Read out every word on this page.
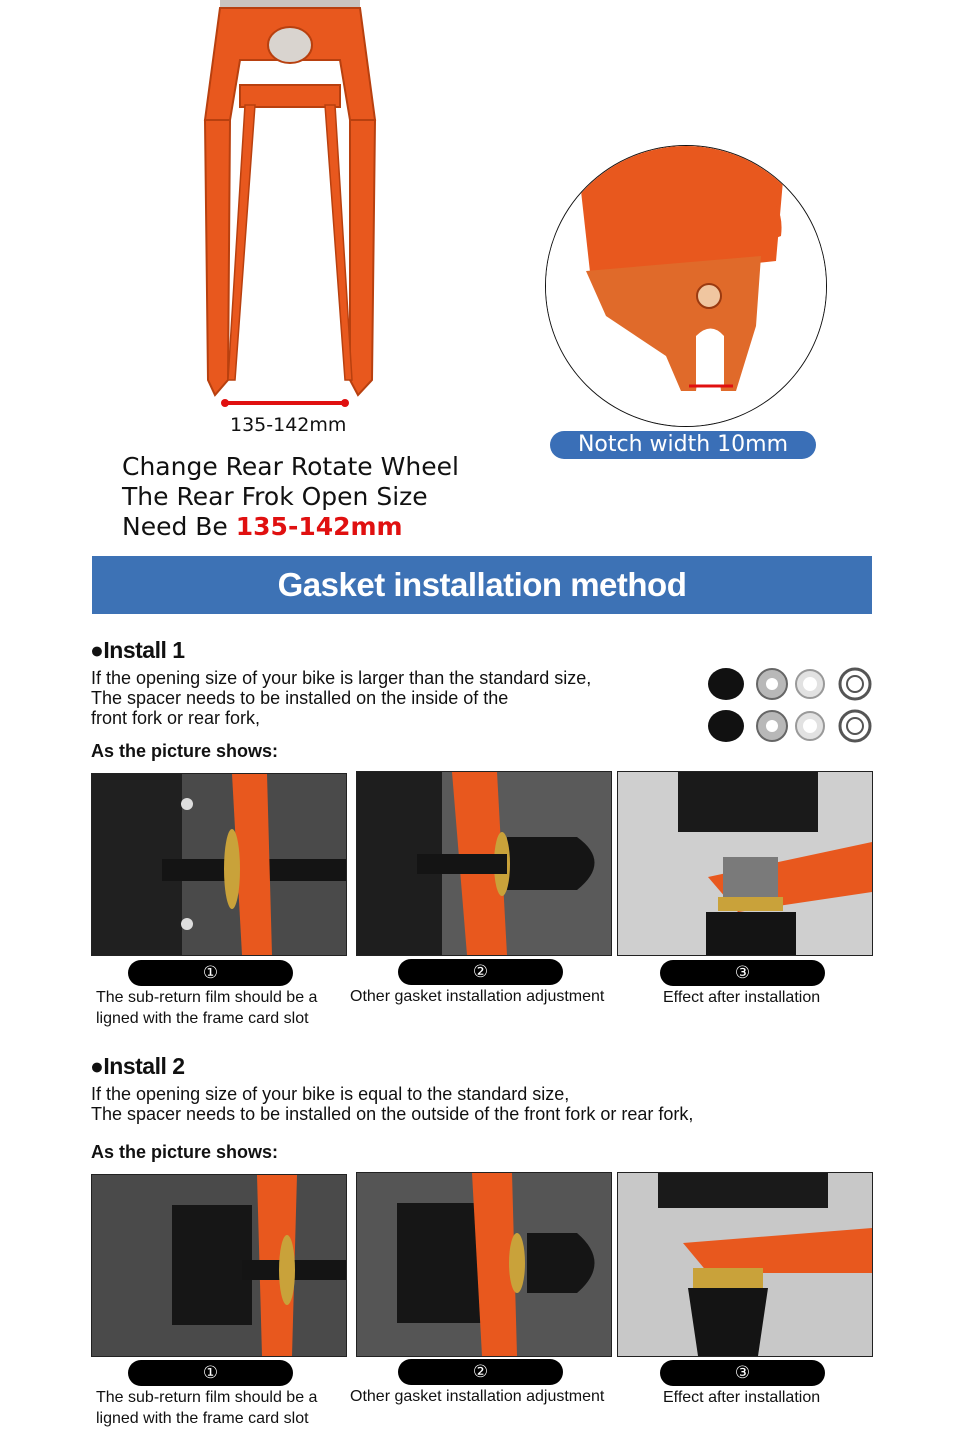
135-142mm
Notch width 10mm
Change Rear Rotate Wheel
The Rear Frok Open Size
Need Be 135-142mm
Gasket installation method
●Install 1
If the opening size of your bike is larger than the standard size,
The spacer needs to be installed on the inside of the
front fork or rear fork,
As the picture shows:
①	②	③
The sub-return film should be a
ligned with the frame card slot
Other gasket installation adjustment	Effect after installation
●Install 2
If the opening size of your bike is equal to the standard size,
The spacer needs to be installed on the outside of the front fork or rear fork,
As the picture shows:
①	②	③
The sub-return film should be a
ligned with the frame card slot
Other gasket installation adjustment	Effect after installation
